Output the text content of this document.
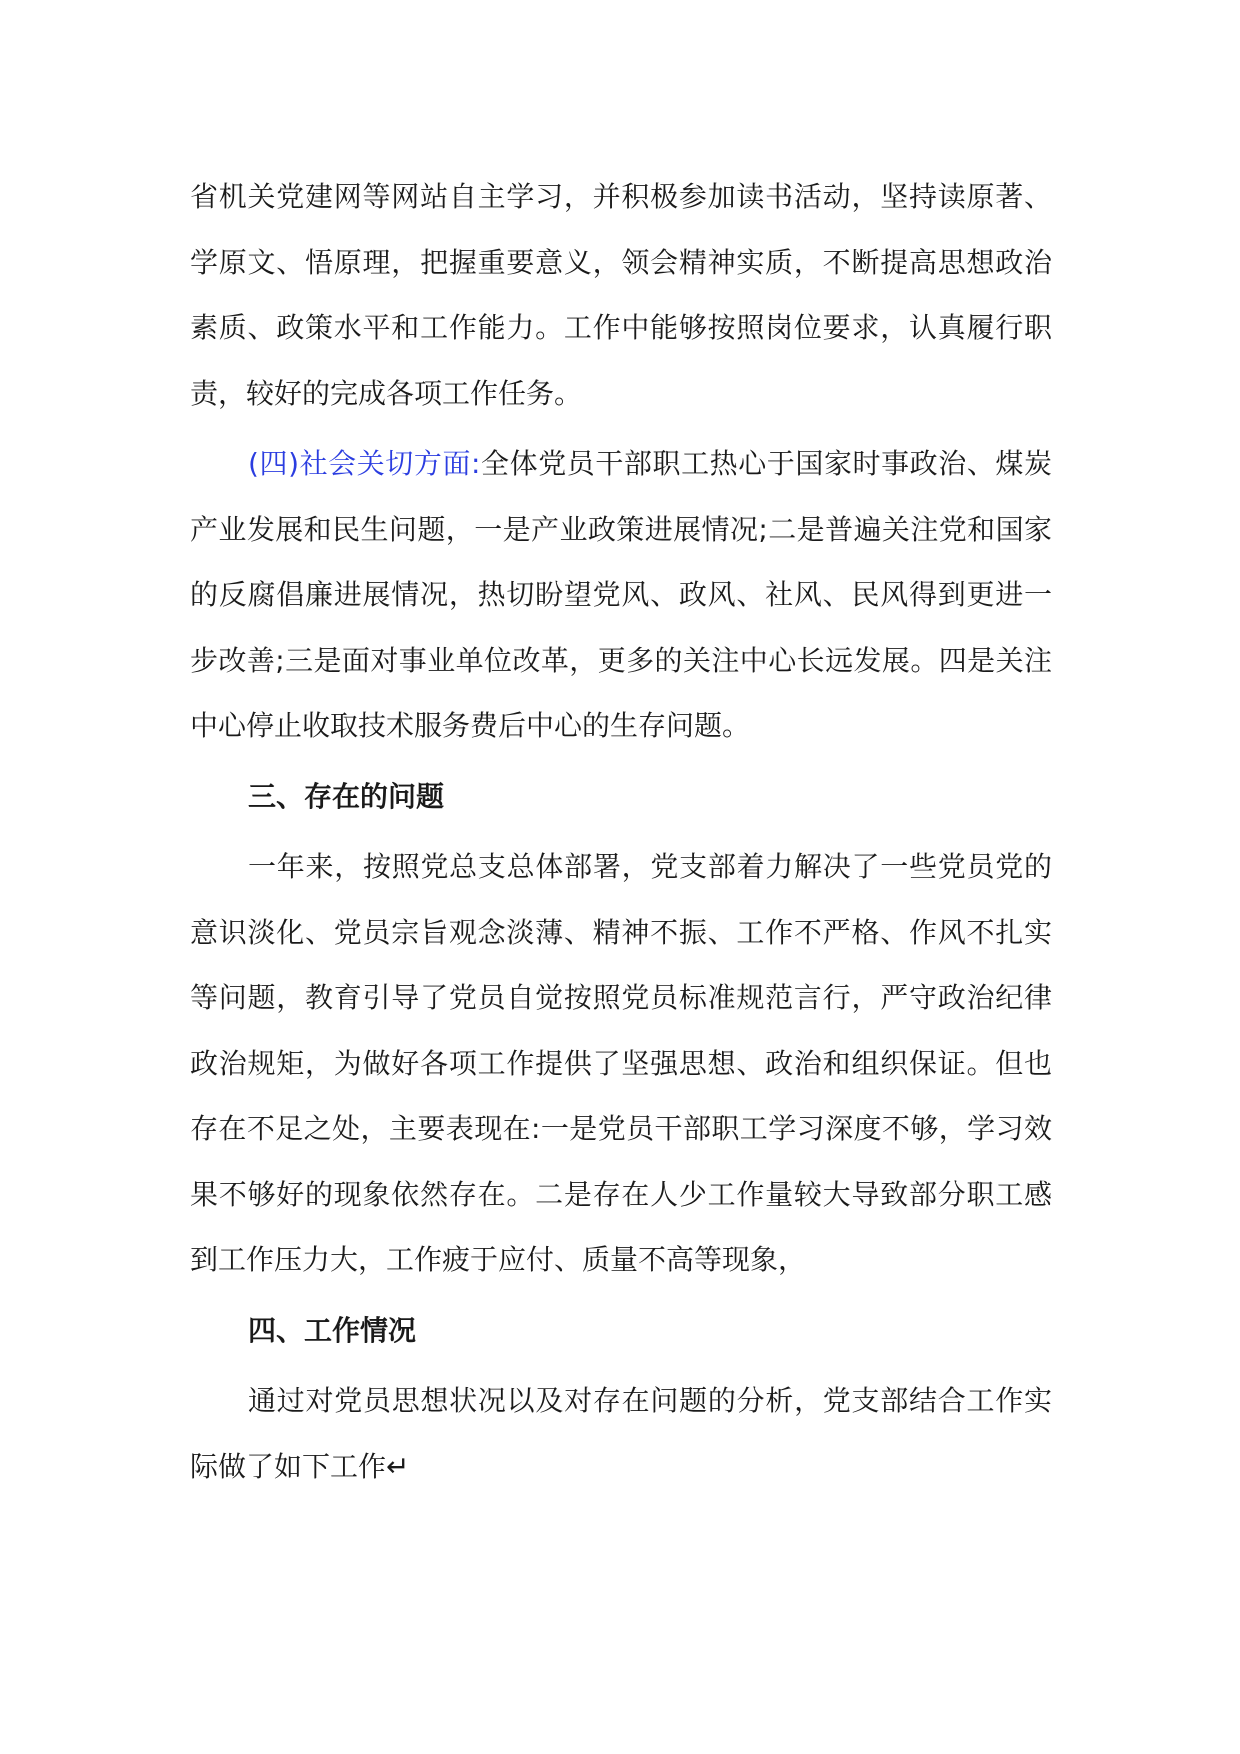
省机关党建网等网站自主学习，并积极参加读书活动，坚持读原著、学原文、悟原理，把握重要意义，领会精神实质，不断提高思想政治素质、政策水平和工作能力。工作中能够按照岗位要求，认真履行职责，较好的完成各项工作任务。

(四)社会关切方面:全体党员干部职工热心于国家时事政治、煤炭产业发展和民生问题，一是产业政策进展情况;二是普遍关注党和国家的反腐倡廉进展情况，热切盼望党风、政风、社风、民风得到更进一步改善;三是面对事业单位改革，更多的关注中心长远发展。四是关注中心停止收取技术服务费后中心的生存问题。

三、存在的问题

一年来，按照党总支总体部署，党支部着力解决了一些党员党的意识淡化、党员宗旨观念淡薄、精神不振、工作不严格、作风不扎实等问题，教育引导了党员自觉按照党员标准规范言行，严守政治纪律政治规矩，为做好各项工作提供了坚强思想、政治和组织保证。但也存在不足之处，主要表现在:一是党员干部职工学习深度不够，学习效果不够好的现象依然存在。二是存在人少工作量较大导致部分职工感到工作压力大，工作疲于应付、质量不高等现象，

四、工作情况

通过对党员思想状况以及对存在问题的分析，党支部结合工作实际做了如下工作↵
